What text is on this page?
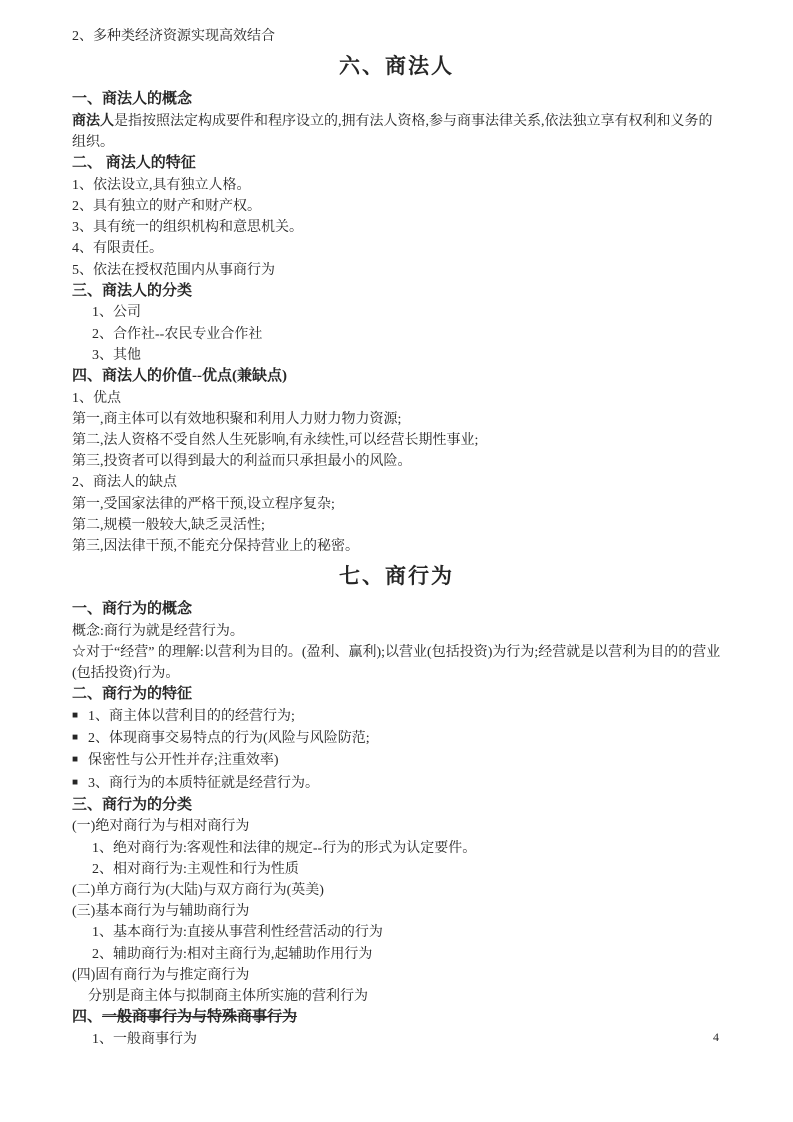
2、多种类经济资源实现高效结合

六、商法人

一、商法人的概念

商法人是指按照法定构成要件和程序设立的,拥有法人资格,参与商事法律关系,依法独立享有权利和义务的组织。

二、 商法人的特征

1、依法设立,具有独立人格。

2、具有独立的财产和财产权。

3、具有统一的组织机构和意思机关。

4、有限责任。

5、依法在授权范围内从事商行为

三、商法人的分类

1、公司

2、合作社--农民专业合作社

3、其他

四、商法人的价值--优点(兼缺点)

1、优点

第一,商主体可以有效地积聚和利用人力财力物力资源;

第二,法人资格不受自然人生死影响,有永续性,可以经营长期性事业;

第三,投资者可以得到最大的利益而只承担最小的风险。

2、商法人的缺点

第一,受国家法律的严格干预,设立程序复杂;

第二,规模一般较大,缺乏灵活性;

第三,因法律干预,不能充分保持营业上的秘密。

七、商行为

一、商行为的概念

概念:商行为就是经营行为。

☆对于“经营” 的理解:以营利为目的。(盈利、赢利);以营业(包括投资)为行为;经营就是以营利为目的的营业(包括投资)行为。

二、商行为的特征

■ 1、商主体以营利目的的经营行为;

■ 2、体现商事交易特点的行为(风险与风险防范;

■ 保密性与公开性并存;注重效率)

■ 3、商行为的本质特征就是经营行为。

三、商行为的分类

(一)绝对商行为与相对商行为

1、绝对商行为:客观性和法律的规定--行为的形式为认定要件。

2、相对商行为:主观性和行为性质

(二)单方商行为(大陆)与双方商行为(英美)

(三)基本商行为与辅助商行为

1、基本商行为:直接从事营利性经营活动的行为

2、辅助商行为:相对主商行为,起辅助作用行为

(四)固有商行为与推定商行为

分别是商主体与拟制商主体所实施的营利行为

四、一般商事行为与特殊商事行为

1、一般商事行为	4
